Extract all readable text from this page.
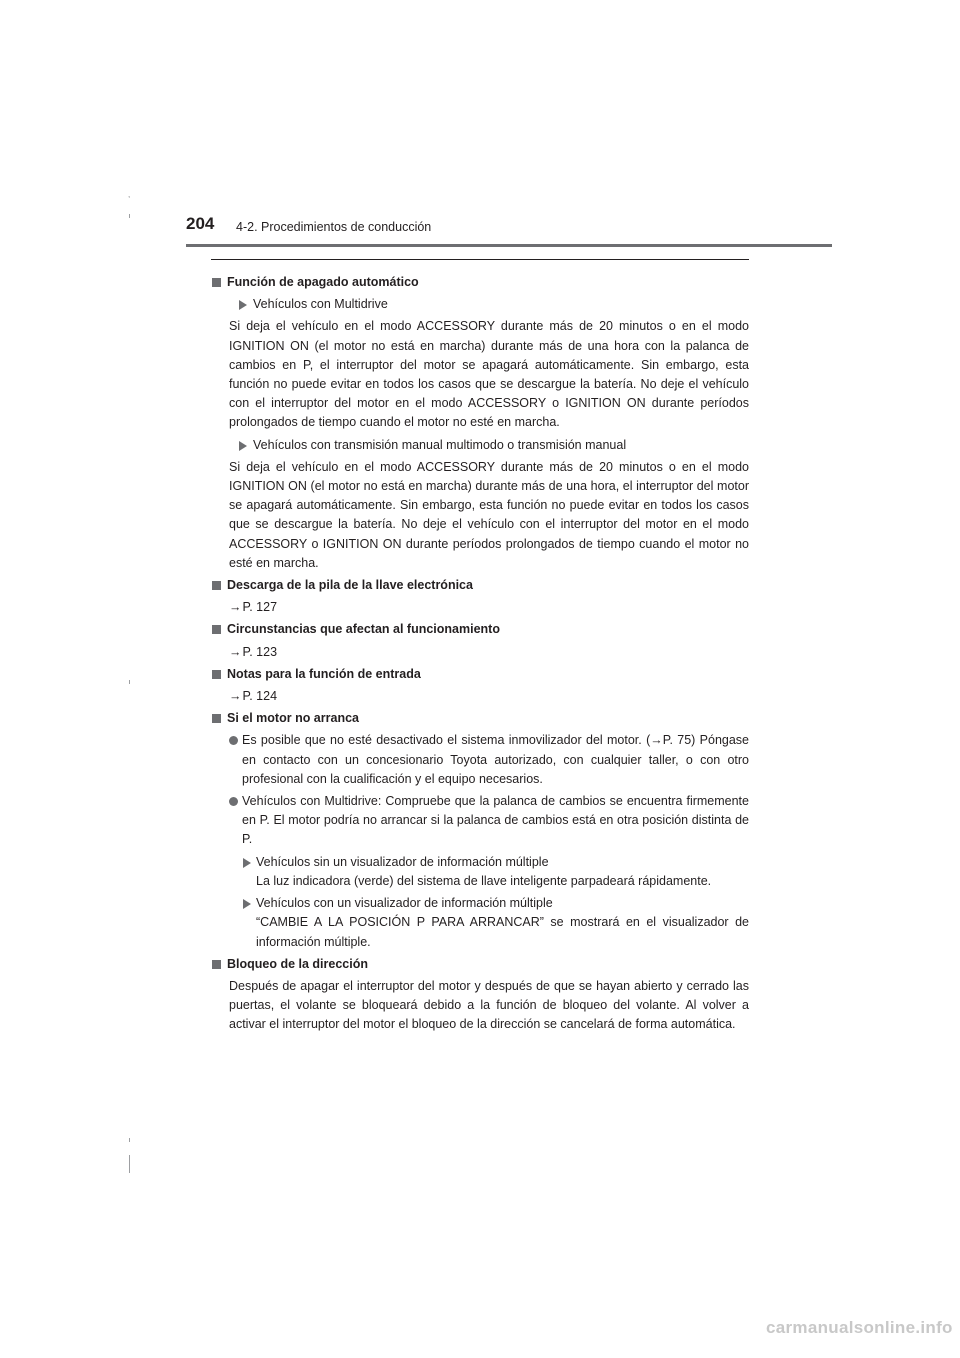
,
204 4-2. Procedimientos de conducción
Función de apagado automático
Vehículos con Multidrive
Si deja el vehículo en el modo ACCESSORY durante más de 20 minutos o en el modo IGNITION ON (el motor no está en marcha) durante más de una hora con la palanca de cambios en P, el interruptor del motor se apagará automáticamente. Sin embargo, esta función no puede evitar en todos los casos que se descargue la batería. No deje el vehículo con el interruptor del motor en el modo ACCESSORY o IGNITION ON durante períodos prolongados de tiempo cuando el motor no esté en marcha.
Vehículos con transmisión manual multimodo o transmisión manual
Si deja el vehículo en el modo ACCESSORY durante más de 20 minutos o en el modo IGNITION ON (el motor no está en marcha) durante más de una hora, el interruptor del motor se apagará automáticamente. Sin embargo, esta función no puede evitar en todos los casos que se descargue la batería. No deje el vehículo con el interruptor del motor en el modo ACCESSORY o IGNITION ON durante períodos prolongados de tiempo cuando el motor no esté en marcha.
Descarga de la pila de la llave electrónica
→P. 127
Circunstancias que afectan al funcionamiento
→P. 123
Notas para la función de entrada
→P. 124
Si el motor no arranca
Es posible que no esté desactivado el sistema inmovilizador del motor. (→P. 75) Póngase en contacto con un concesionario Toyota autorizado, con cualquier taller, o con otro profesional con la cualificación y el equipo necesarios.
Vehículos con Multidrive: Compruebe que la palanca de cambios se encuentra firmemente en P. El motor podría no arrancar si la palanca de cambios está en otra posición distinta de P.
Vehículos sin un visualizador de información múltiple
La luz indicadora (verde) del sistema de llave inteligente parpadeará rápidamente.
Vehículos con un visualizador de información múltiple
“CAMBIE A LA POSICIÓN P PARA ARRANCAR” se mostrará en el visualizador de información múltiple.
Bloqueo de la dirección
Después de apagar el interruptor del motor y después de que se hayan abierto y cerrado las puertas, el volante se bloqueará debido a la función de bloqueo del volante. Al volver a activar el interruptor del motor el bloqueo de la dirección se cancelará de forma automática.
carmanualsonline.info
